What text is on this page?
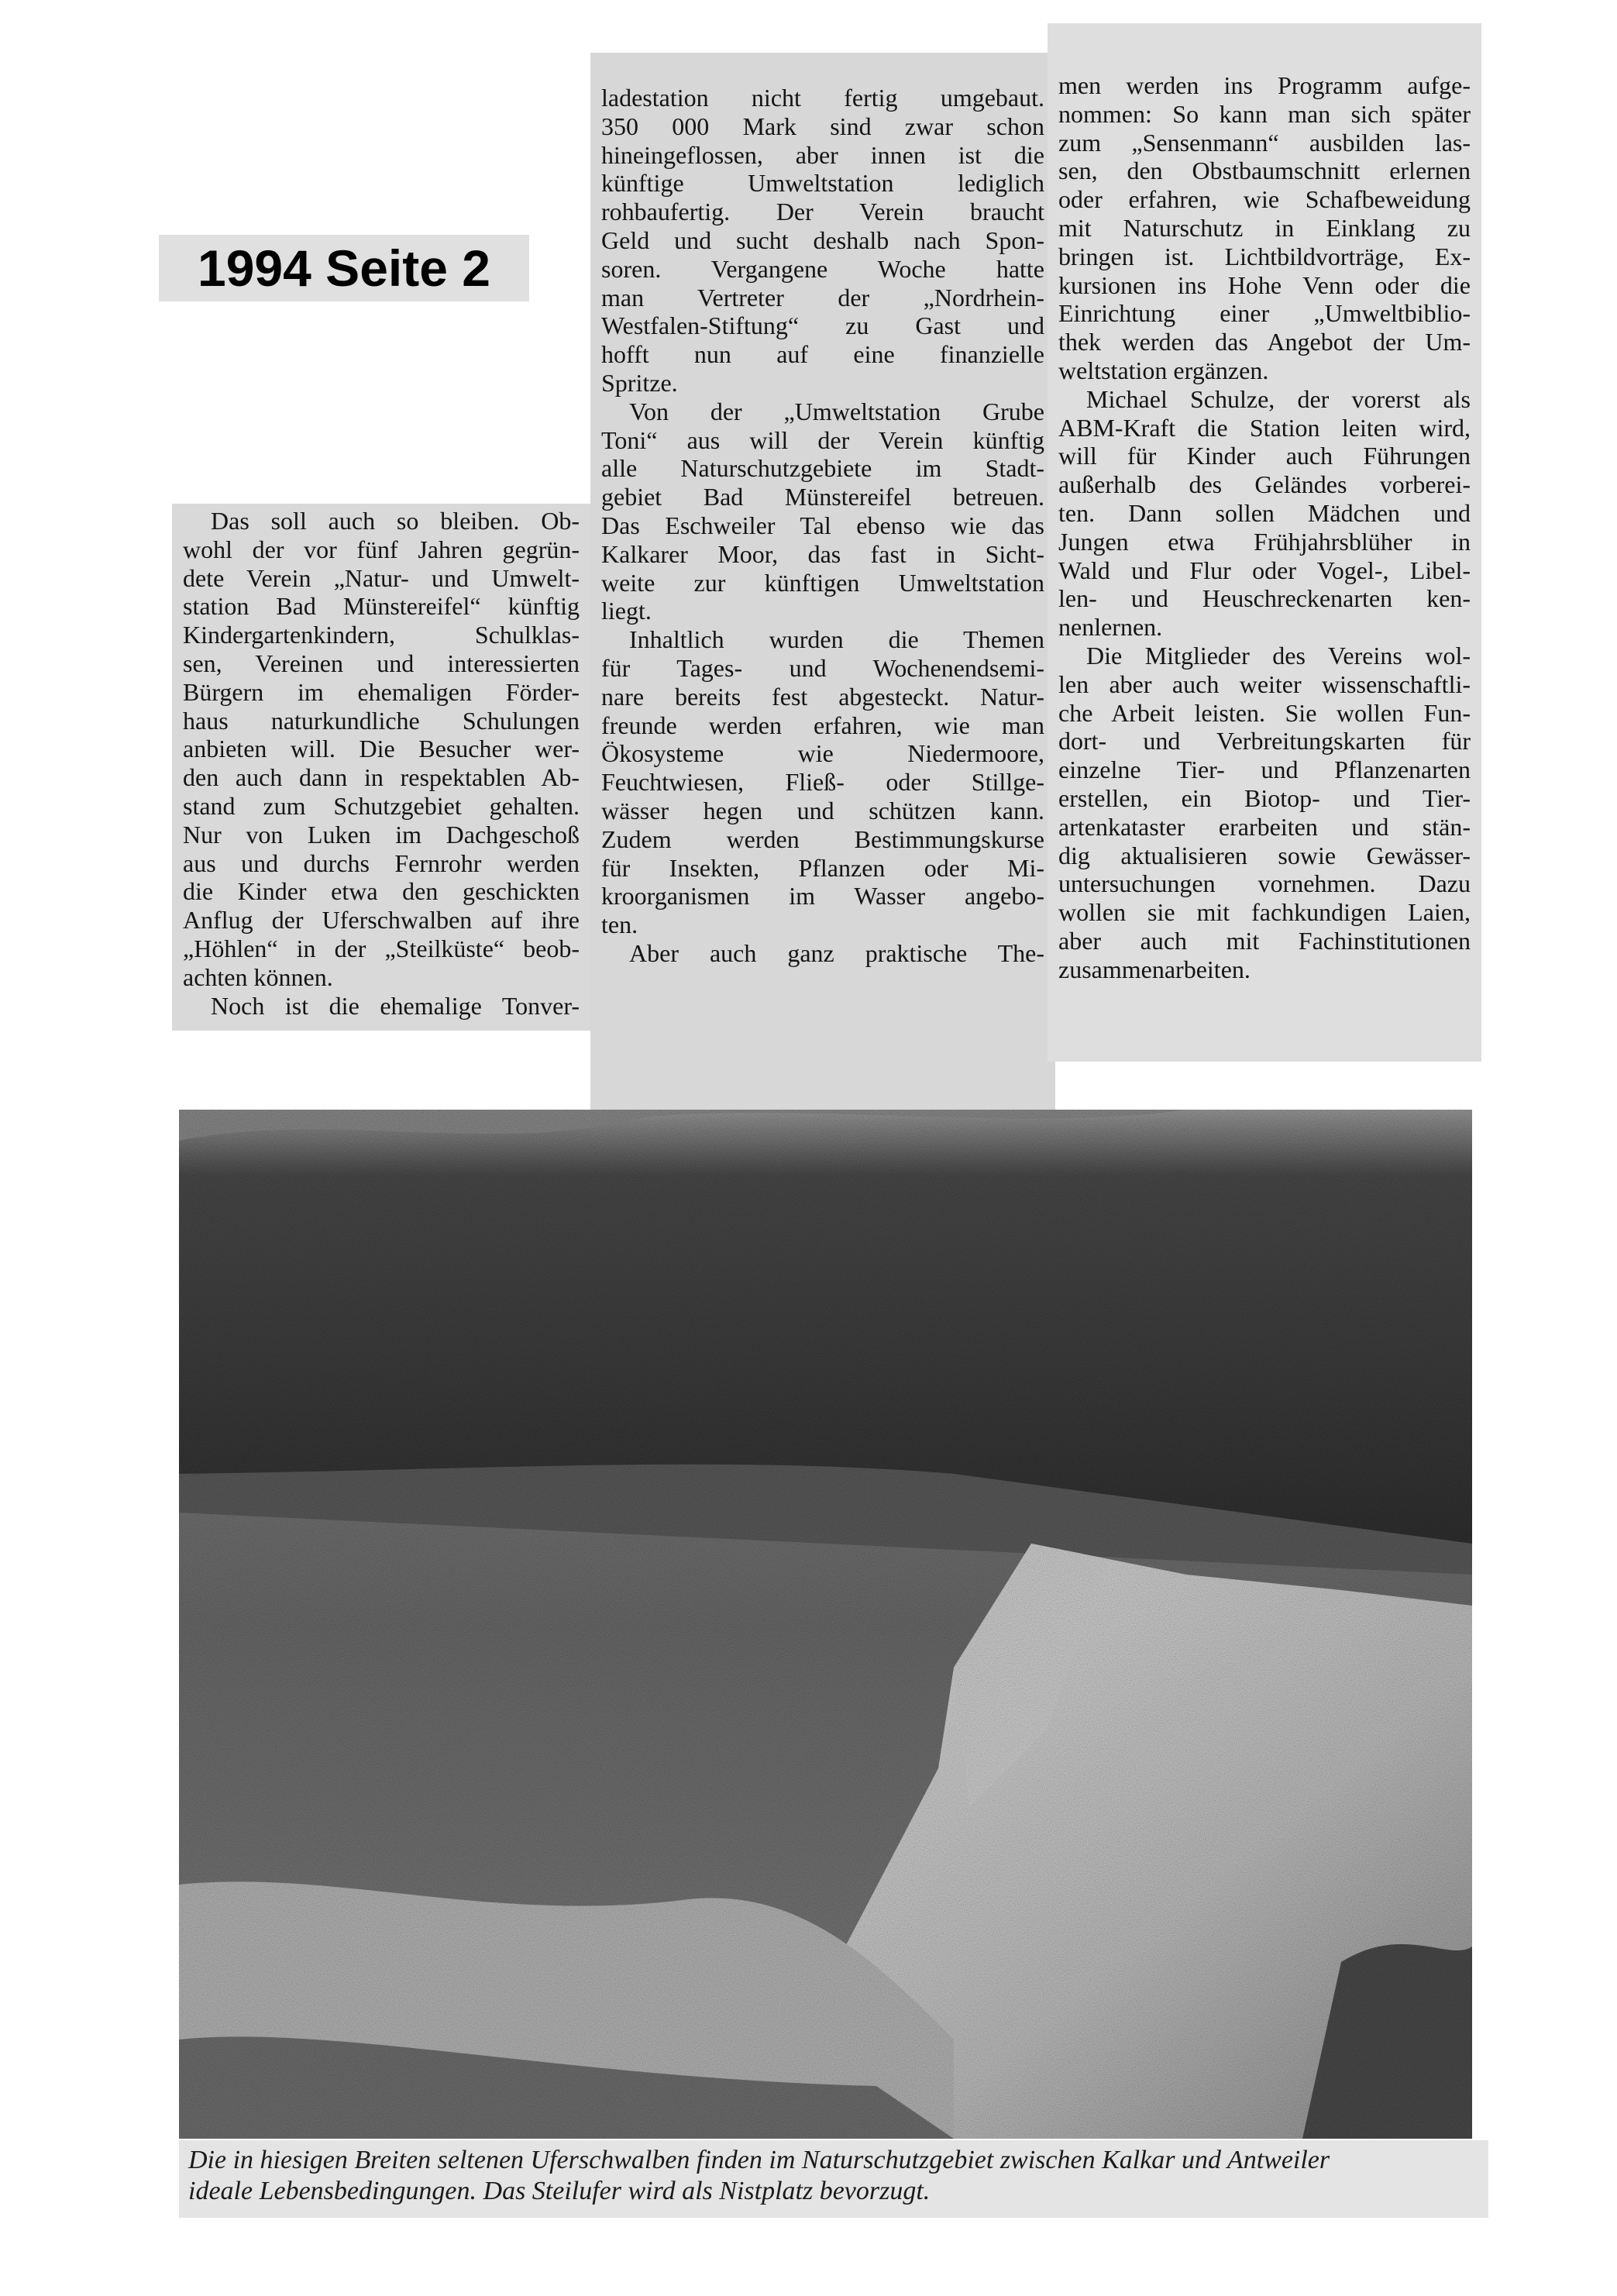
1994 Seite 2
Das soll auch so bleiben. Ob-
wohl der vor fünf Jahren gegrün-
dete Verein „Natur- und Umwelt-
station Bad Münstereifel“ künftig
Kindergartenkindern, Schulklas-
sen, Vereinen und interessierten
Bürgern im ehemaligen Förder-
haus naturkundliche Schulungen
anbieten will. Die Besucher wer-
den auch dann in respektablen Ab-
stand zum Schutzgebiet gehalten.
Nur von Luken im Dachgeschoß
aus und durchs Fernrohr werden
die Kinder etwa den geschickten
Anflug der Uferschwalben auf ihre
„Höhlen“ in der „Steilküste“ beob-
achten können.
Noch ist die ehemalige Tonver-
ladestation nicht fertig umgebaut.
350 000 Mark sind zwar schon
hineingeflossen, aber innen ist die
künftige Umweltstation lediglich
rohbaufertig. Der Verein braucht
Geld und sucht deshalb nach Spon-
soren. Vergangene Woche hatte
man Vertreter der „Nordrhein-
Westfalen-Stiftung“ zu Gast und
hofft nun auf eine finanzielle
Spritze.
Von der „Umweltstation Grube
Toni“ aus will der Verein künftig
alle Naturschutzgebiete im Stadt-
gebiet Bad Münstereifel betreuen.
Das Eschweiler Tal ebenso wie das
Kalkarer Moor, das fast in Sicht-
weite zur künftigen Umweltstation
liegt.
Inhaltlich wurden die Themen
für Tages- und Wochenendsemi-
nare bereits fest abgesteckt. Natur-
freunde werden erfahren, wie man
Ökosysteme wie Niedermoore,
Feuchtwiesen, Fließ- oder Stillge-
wässer hegen und schützen kann.
Zudem werden Bestimmungskurse
für Insekten, Pflanzen oder Mi-
kroorganismen im Wasser angebo-
ten.
Aber auch ganz praktische The-
men werden ins Programm aufge-
nommen: So kann man sich später
zum „Sensenmann“ ausbilden las-
sen, den Obstbaumschnitt erlernen
oder erfahren, wie Schafbeweidung
mit Naturschutz in Einklang zu
bringen ist. Lichtbildvorträge, Ex-
kursionen ins Hohe Venn oder die
Einrichtung einer „Umweltbiblio-
thek werden das Angebot der Um-
weltstation ergänzen.
Michael Schulze, der vorerst als
ABM-Kraft die Station leiten wird,
will für Kinder auch Führungen
außerhalb des Geländes vorberei-
ten. Dann sollen Mädchen und
Jungen etwa Frühjahrsblüher in
Wald und Flur oder Vogel-, Libel-
len- und Heuschreckenarten ken-
nenlernen.
Die Mitglieder des Vereins wol-
len aber auch weiter wissenschaftli-
che Arbeit leisten. Sie wollen Fun-
dort- und Verbreitungskarten für
einzelne Tier- und Pflanzenarten
erstellen, ein Biotop- und Tier-
artenkataster erarbeiten und stän-
dig aktualisieren sowie Gewässer-
untersuchungen vornehmen. Dazu
wollen sie mit fachkundigen Laien,
aber auch mit Fachinstitutionen
zusammenarbeiten.
Die in hiesigen Breiten seltenen Uferschwalben finden im Naturschutzgebiet zwischen Kalkar und Antweiler
ideale Lebensbedingungen. Das Steilufer wird als Nistplatz bevorzugt.
